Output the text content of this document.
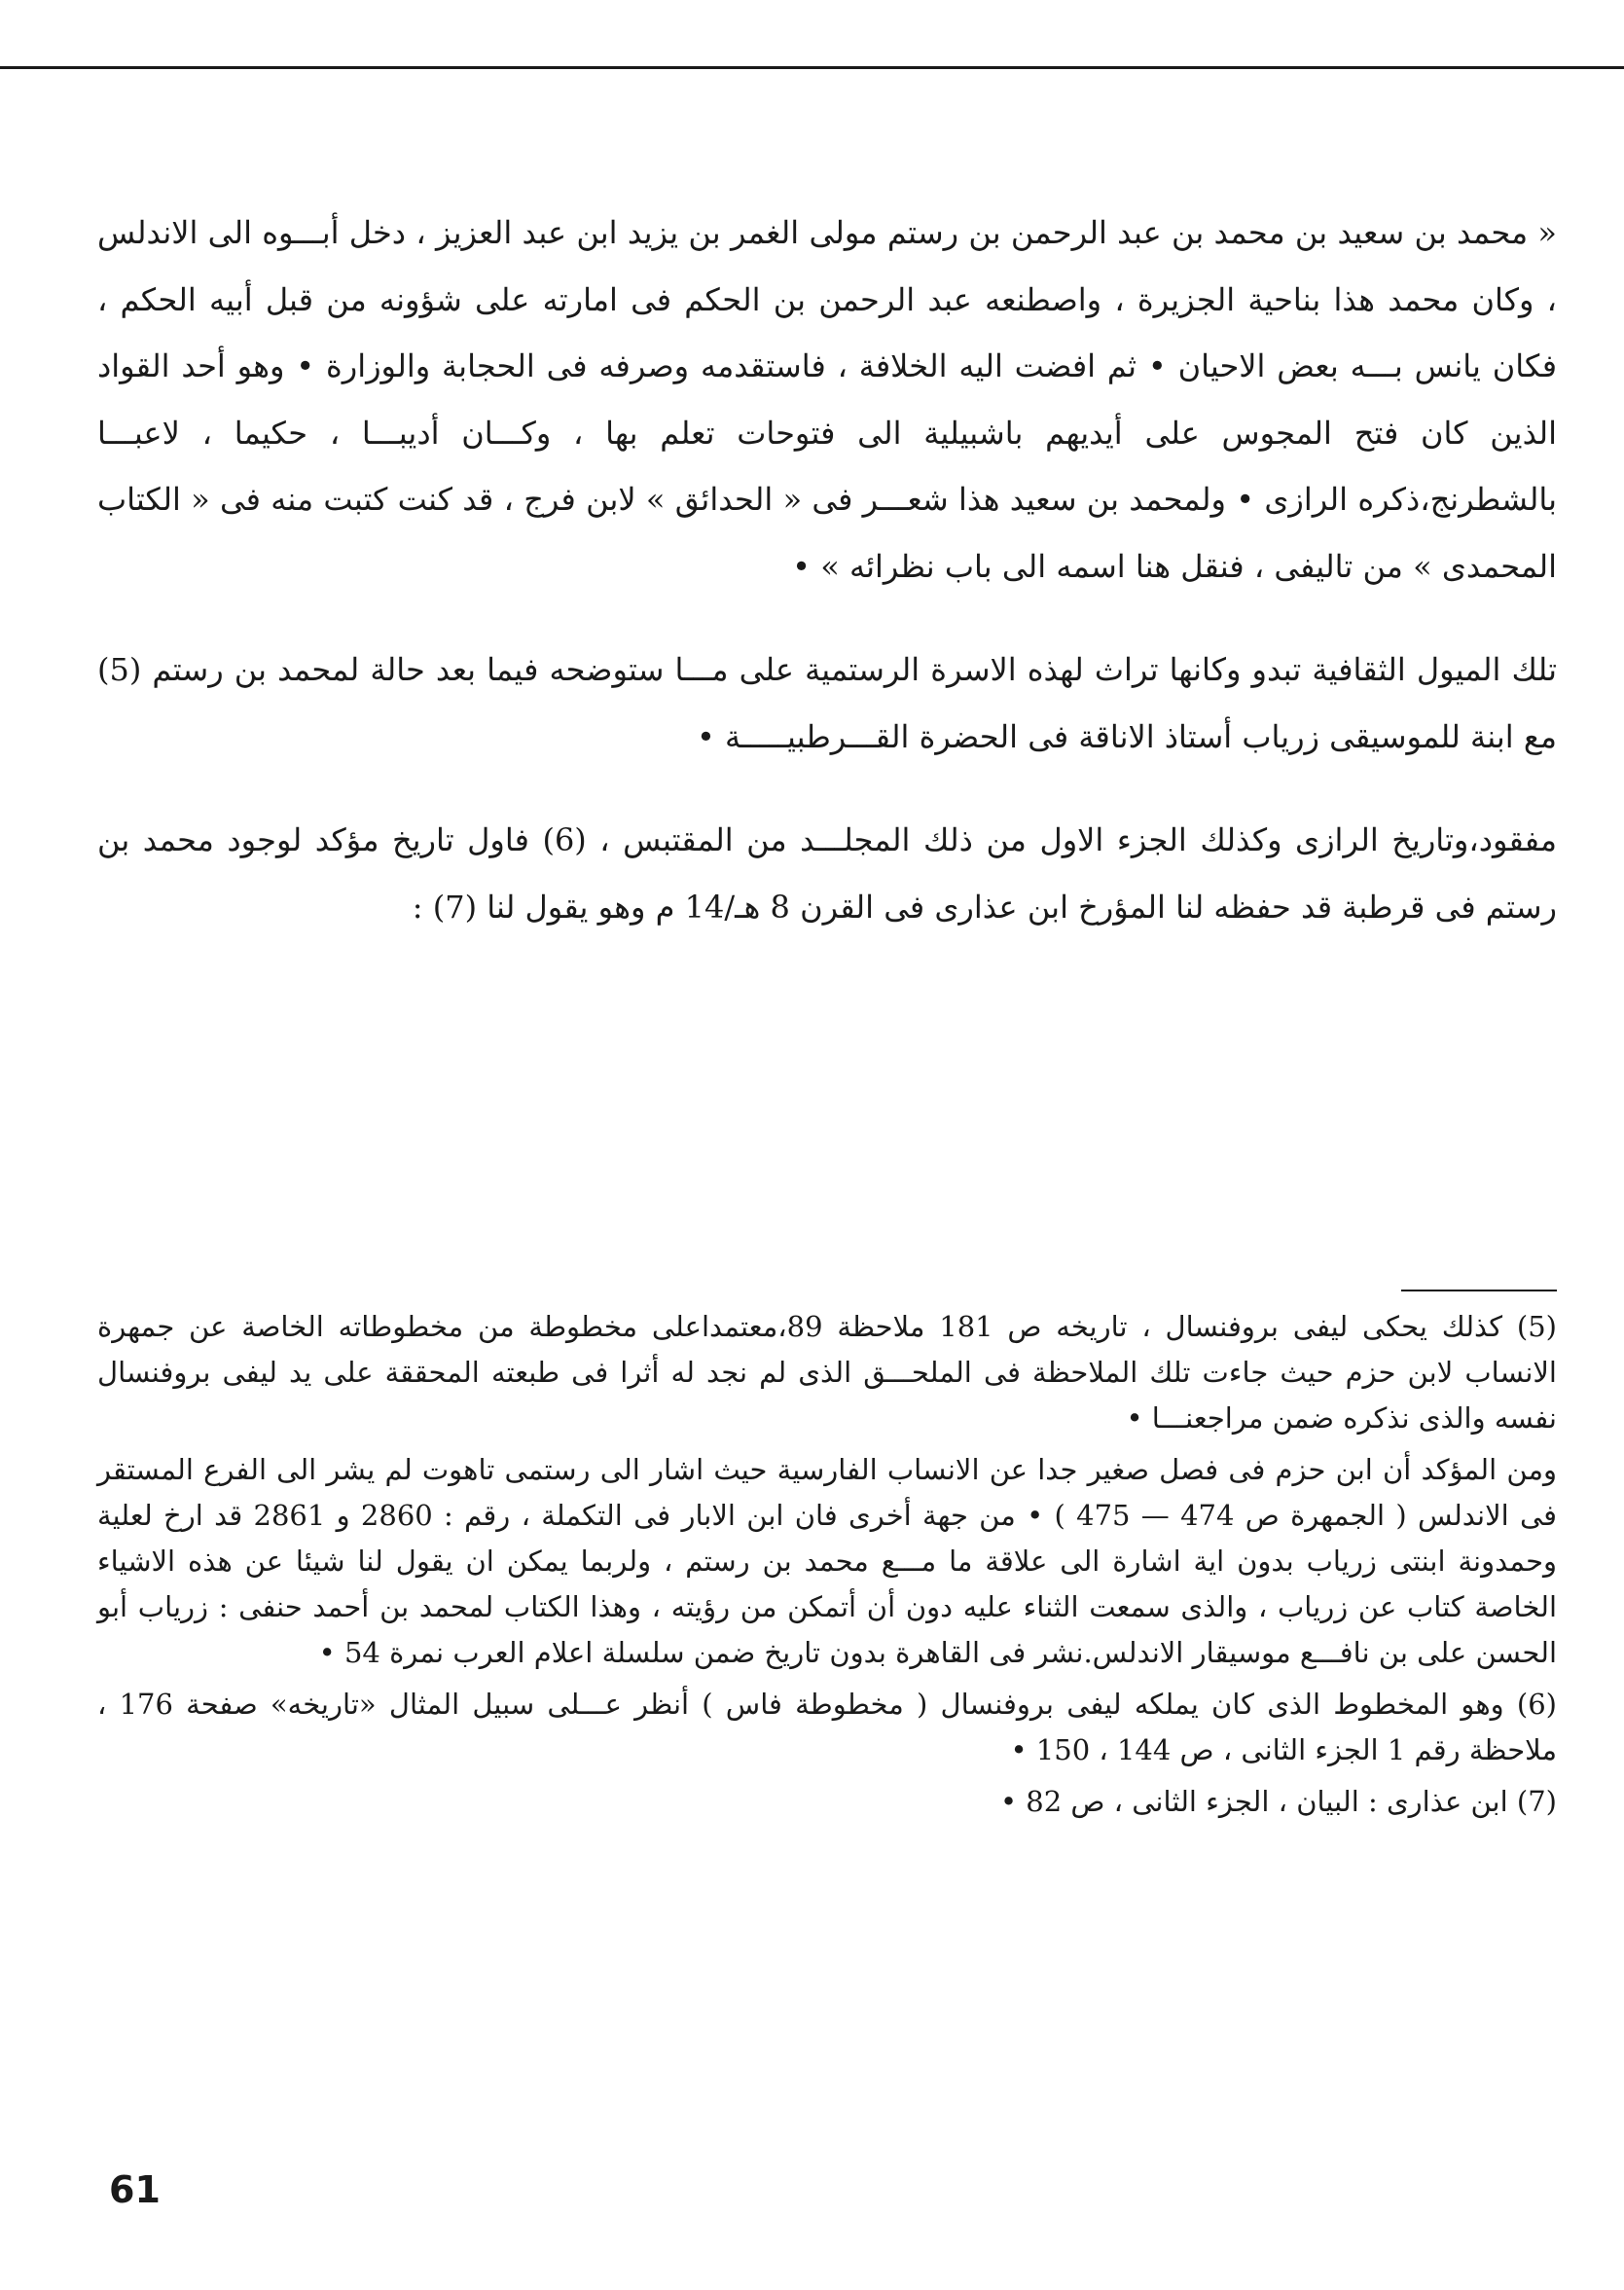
« محمد بن سعيد بن محمد بن عبد الرحمن بن رستم مولى الغمر بن يزيد ابن عبد العزيز ، دخل أبـــوه الى الاندلس ، وكان محمد هذا بناحية الجزيرة ، واصطنعه عبد الرحمن بن الحكم فى امارته على شؤونه من قبل أبيه الحكم ، فكان يانس بـــه بعض الاحيان • ثم افضت اليه الخلافة ، فاستقدمه وصرفه فى الحجابة والوزارة • وهو أحد القواد الذين كان فتح المجوس على أيديهم باشبيلية الى فتوحات تعلم بها ، وكـــان أديبـــا ، حكيما ، لاعبـــا بالشطرنج،ذكره الرازى • ولمحمد بن سعيد هذا شعـــر فى « الحدائق » لابن فرج ، قد كنت كتبت منه فى « الكتاب المحمدى » من تاليفى ، فنقل هنا اسمه الى باب نظرائه » •

تلك الميول الثقافية تبدو وكانها تراث لهذه الاسرة الرستمية على مـــا ستوضحه فيما بعد حالة لمحمد بن رستم (5) مع ابنة للموسيقى زرياب أستاذ الاناقة فى الحضرة القـــرطبيـــــة •

مفقود،وتاريخ الرازى وكذلك الجزء الاول من ذلك المجلـــد من المقتبس ، (6) فاول تاريخ مؤكد لوجود محمد بن رستم فى قرطبة قد حفظه لنا المؤرخ ابن عذارى فى القرن 8 هـ/14 م وهو يقول لنا (7) :

(5) كذلك يحكى ليفى بروفنسال ، تاريخه ص 181 ملاحظة 89،معتمداعلى مخطوطة من مخطوطاته الخاصة عن جمهرة الانساب لابن حزم حيث جاءت تلك الملاحظة فى الملحـــق الذى لم نجد له أثرا فى طبعته المحققة على يد ليفى بروفنسال نفسه والذى نذكره ضمن مراجعنـــا •

ومن المؤكد أن ابن حزم فى فصل صغير جدا عن الانساب الفارسية حيث اشار الى رستمى تاهوت لم يشر الى الفرع المستقر فى الاندلس ( الجمهرة ص 474 — 475 ) • من جهة أخرى فان ابن الابار فى التكملة ، رقم : 2860 و 2861 قد ارخ لعلية وحمدونة ابنتى زرياب بدون اية اشارة الى علاقة ما مـــع محمد بن رستم ، ولربما يمكن ان يقول لنا شيئا عن هذه الاشياء الخاصة كتاب عن زرياب ، والذى سمعت الثناء عليه دون أن أتمكن من رؤيته ، وهذا الكتاب لمحمد بن أحمد حنفى : زرياب أبو الحسن على بن نافـــع موسيقار الاندلس.نشر فى القاهرة بدون تاريخ ضمن سلسلة اعلام العرب نمرة 54 •

(6) وهو المخطوط الذى كان يملكه ليفى بروفنسال ( مخطوطة فاس ) أنظر عـــلى سبيل المثال «تاريخه» صفحة 176 ، ملاحظة رقم 1 الجزء الثانى ، ص 144 ، 150 •

(7) ابن عذارى : البيان ، الجزء الثانى ، ص 82 •

61
